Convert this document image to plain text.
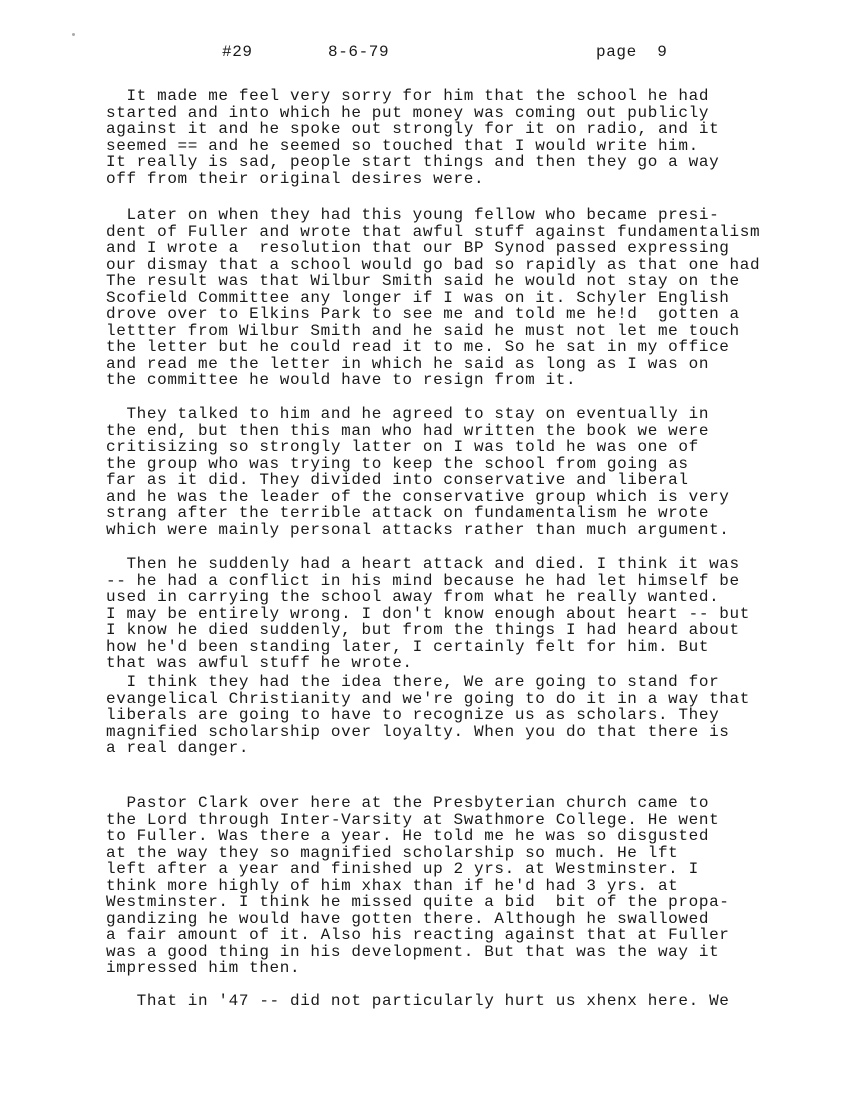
#29	8-6-79	page  9
It made me feel very sorry for him that the school he had
started and into which he put money was coming out publicly
against it and he spoke out strongly for it on radio, and it
seemed == and he seemed so touched that I would write him.
It really is sad, people start things and then they go a way
off from their original desires were.
Later on when they had this young fellow who became presi-
dent of Fuller and wrote that awful stuff against fundamentalism
and I wrote a  resolution that our BP Synod passed expressing
our dismay that a school would go bad so rapidly as that one had
The result was that Wilbur Smith said he would not stay on the
Scofield Committee any longer if I was on it. Schyler English
drove over to Elkins Park to see me and told me he!d  gotten a
lettter from Wilbur Smith and he said he must not let me touch
the letter but he could read it to me. So he sat in my office
and read me the letter in which he said as long as I was on
the committee he would have to resign from it.
They talked to him and he agreed to stay on eventually in
the end, but then this man who had written the book we were
critisizing so strongly latter on I was told he was one of
the group who was trying to keep the school from going as
far as it did. They divided into conservative and liberal
and he was the leader of the conservative group which is very
strang after the terrible attack on fundamentalism he wrote
which were mainly personal attacks rather than much argument.
Then he suddenly had a heart attack and died. I think it was
-- he had a conflict in his mind because he had let himself be
used in carrying the school away from what he really wanted.
I may be entirely wrong. I don't know enough about heart -- but
I know he died suddenly, but from the things I had heard about
how he'd been standing later, I certainly felt for him. But
that was awful stuff he wrote.
I think they had the idea there, We are going to stand for
evangelical Christianity and we're going to do it in a way that
liberals are going to have to recognize us as scholars. They
magnified scholarship over loyalty. When you do that there is
a real danger.
Pastor Clark over here at the Presbyterian church came to
the Lord through Inter-Varsity at Swathmore College. He went
to Fuller. Was there a year. He told me he was so disgusted
at the way they so magnified scholarship so much. He lft
left after a year and finished up 2 yrs. at Westminster. I
think more highly of him xhax than if he'd had 3 yrs. at
Westminster. I think he missed quite a bid  bit of the propa-
gandizing he would have gotten there. Although he swallowed
a fair amount of it. Also his reacting against that at Fuller
was a good thing in his development. But that was the way it
impressed him then.
That in '47 -- did not particularly hurt us xhenx here. We
